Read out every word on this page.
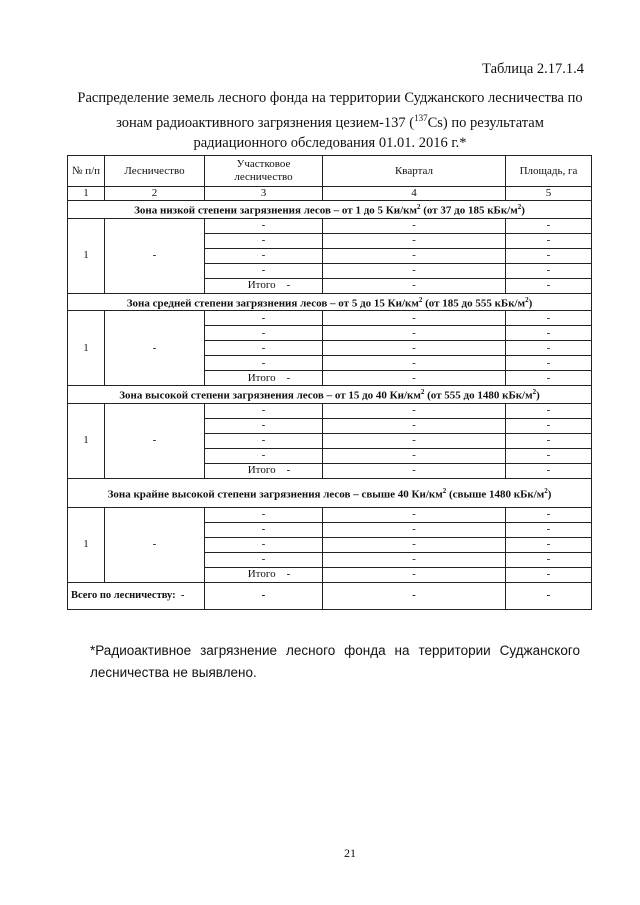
Таблица 2.17.1.4
Распределение земель лесного фонда на территории Суджанского лесничества по зонам радиоактивного загрязнения цезием-137 ($^{137}$Cs) по результатам радиационного обследования 01.01. 2016 г.*
№ п/п	Лесничество	Участковое лесничество	Квартал	Площадь, га
1	2	3	4	5
Зона низкой степени загрязнения лесов – от 1 до 5 $Ки/км^2$ (от 37 до 185 кБк/$м^2$)				
1	-	-	-	-
		-	-	-
		-	-	-
		-	-	-
		Итого -	-	-
Зона средней степени загрязнения лесов – от 5 до 15 $Ки/км^2$ (от 185 до 555 кБк/$м^2$)				
1	-	-	-	-
		-	-	-
		-	-	-
		-	-	-
		Итого -	-	-
Зона высокой степени загрязнения лесов – от 15 до 40 $Ки/км^2$ (от 555 до 1480 кБк/$м^2$)				
1	-	-	-	-
		-	-	-
		-	-	-
		-	-	-
		Итого -	-	-
Зона крайне высокой степени загрязнения лесов – свыше 40 $Ки/км^2$ (свыше 1480 кБк/$м^2$)				
1	-	-	-	-
		-	-	-
		-	-	-
		-	-	-
		Итого -	-	-
Всего по лесничеству: -		-	-	-
*Радиоактивное загрязнение лесного фонда на территории Суджанского лесничества не выявлено.
21
